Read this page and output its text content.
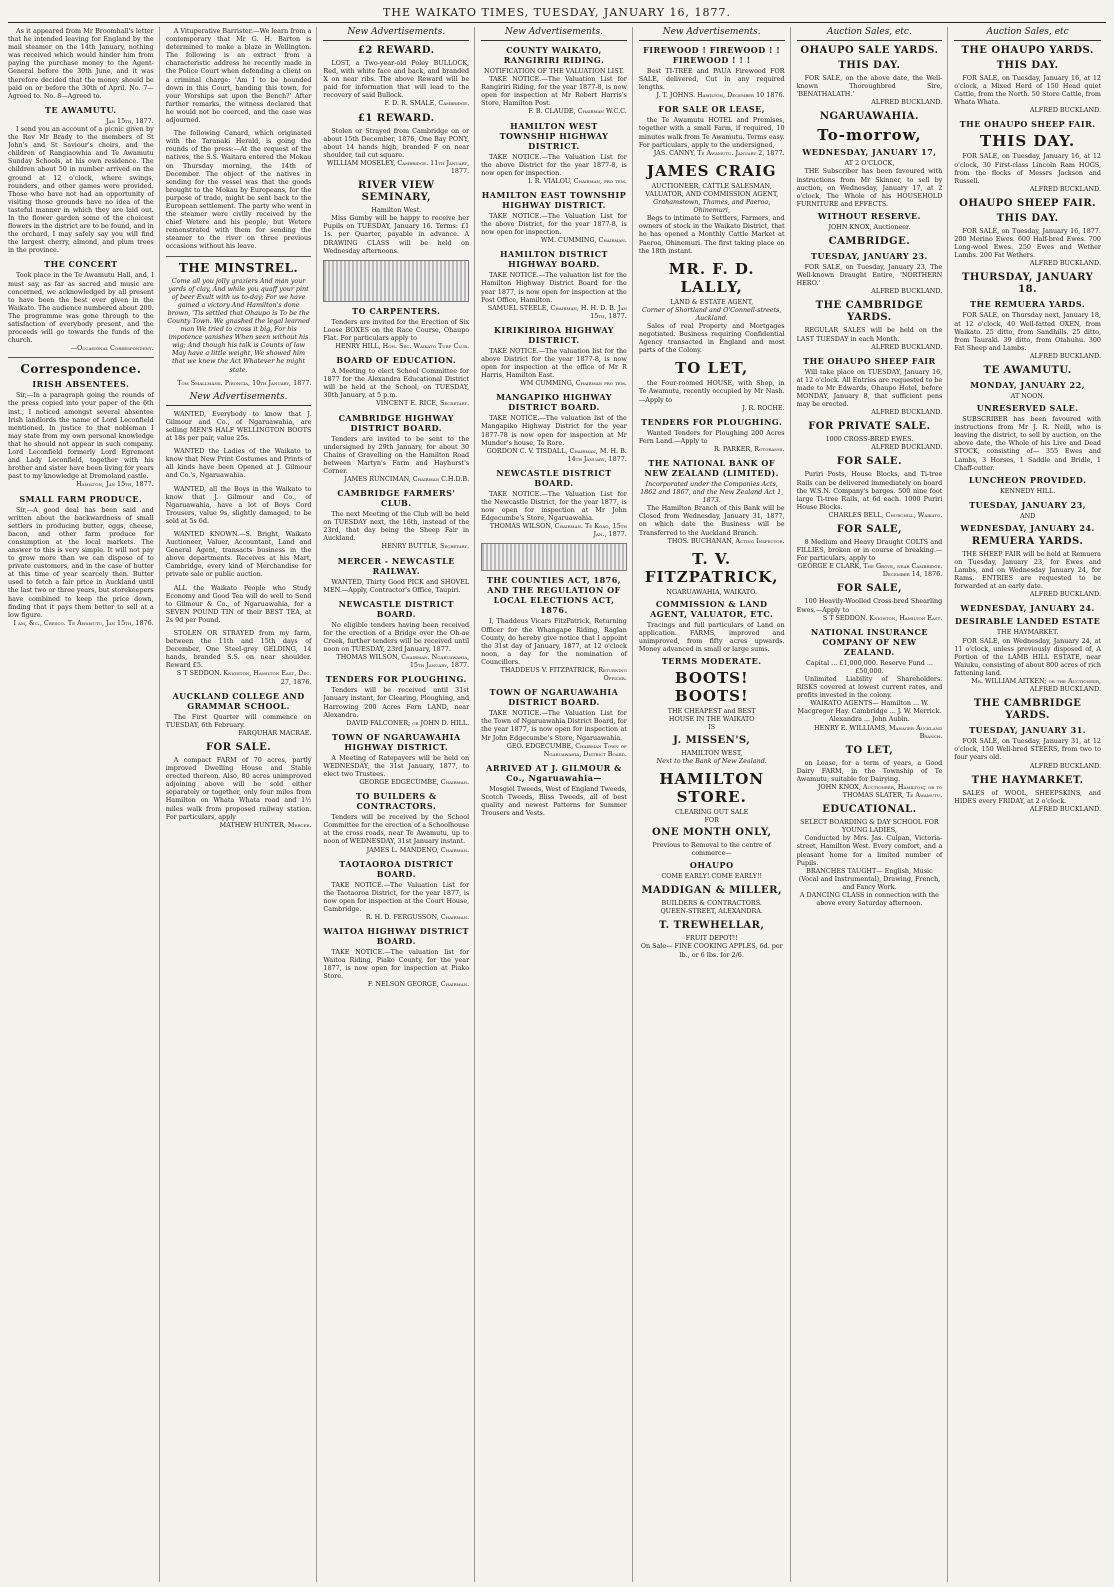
THE WAIKATO TIMES, TUESDAY, JANUARY 16, 1877.
As it appeared from Mr Broomhall's letter that he intended leaving for England by the mail steamer on the 14th January, nothing was received which would hinder him from paying the purchase money to the Agent-General before the 30th June, and it was therefore decided that the money should be paid on or before the 30th of April. No. 7—Agreed to. No. 8—Agreed to.
TE AWAMUTU.
Jan 15th, 1877.
I send you an account of a picnic given by the Rev Mr Brady to the members of St John's and St Saviour's choirs, and the children of Rangiaowhia and Te Awamutu Sunday Schools, at his own residence. The children about 50 in number arrived on the ground at 12 o'clock, where swings, rounders, and other games were provided. Those who have not had an opportunity of visiting those grounds have no idea of the tasteful manner in which they are laid out. In the flower garden some of the choicest flowers in the district are to be found, and in the orchard, I may safely say you will find the largest cherry, almond, and plum trees in the province.
THE CONCERT
Took place in the Te Awamutu Hall, and, I must say, as far as sacred and music are concerned, we acknowledged by all present to have been the best ever given in the Waikato. The audience numbered about 200. The programme was gone through to the satisfaction of everybody present, and the proceeds will go towards the funds of the church.
—Occasional Correspondent.
Correspondence.
IRISH ABSENTEES.
Sir,—In a paragraph going the rounds of the press copied into your paper of the 6th inst., I noticed amongst several absentee Irish landlords the name of Lord Leconfield mentioned. In justice to that nobleman I may state from my own personal knowledge that he should not appear in such company. Lord Leconfield formerly Lord Egremont and Lady Leconfield, together with his brother and sister have been living for years past to my knowledge at Dromoland castle.
Hamilton, Jan 15th, 1877.
SMALL FARM PRODUCE.
Sir,—A good deal has been said and written about the backwardness of small settlers in producing butter, eggs, cheese, bacon, and other farm produce for consumption at the local markets. The answer to this is very simple. It will not pay to grow more than we can dispose of to private customers, and in the case of butter at this time of year scarcely then. Butter used to fetch a fair price in Auckland until the last two or three years, but storekeepers have combined to keep the price down, finding that it pays them better to sell at a low figure.
I am, &c., Cresco. Te Awamutu, Jan 15th, 1876.
A Vituperative Barrister.—We learn from a contemporary that Mr G. H. Barton is determined to make a blaze in Wellington. The following is an extract from a characteristic address he recently made in the Police Court when defending a client on a criminal charge: 'Am I to be hounded down in this Court, handing this town, for your Worships sat upon the Bench?' After further remarks, the witness declared that he would not be coerced, and the case was adjourned.
The following Canard, which originated with the Taranaki Herald, is going the rounds of the press:—At the request of the natives, the S.S. Waitara entered the Mokau on Thursday morning, the 14th of December. The object of the natives in sending for the vessel was that the goods brought to the Mokau by Europeans, for the purpose of trade, might be sent back to the European settlement. The party who went in the steamer were civilly received by the chief Wetere and his people, but Wetere remonstrated with them for sending the steamer to the river on three previous occasions without his leave.
THE MINSTREL.
Come all you jolly graziers And man your yards of clay, And while you quaff your pint of beer Exult with us to-day; For we have gained a victory And Hamilton's done brown, 'Tis settled that Ohaupo is To be the County Town. We gnashed the legal learned man We tried to cross it big, For his impotence vanishes When seen without his wig; And though his talk is Counts of law May have a little weight, We showed him that we knew the Act Whatever he might state.
Tom Smallmans. Pirongia, 10th January, 1877.
New Advertisements.
WANTED, Everybody to know that J. Gilmour and Co., of Ngaruawahia, are selling MEN'S HALF WELLINGTON BOOTS at 18s per pair, value 25s.
WANTED the Ladies of the Waikato to know that New Print Costumes and Prints of all kinds have been Opened at J. Gilmour and Co.'s, Ngaruawahia.
WANTED, all the Boys in the Waikato to know that J. Gilmour and Co., of Ngaruawahia, have a lot of Boys Cord Trousers, value 9s, slightly damaged, to be sold at 5s 6d.
WANTED KNOWN.—S. Bright, Waikato Auctioneer, Valuer, Accountant, Land and General Agent, transacts business in the above departments. Receives at his Mart, Cambridge, every kind of Merchandise for private sale or public auction.
ALL the Waikato People who Study Economy and Good Tea will do well to Send to Gilmour & Co., of Ngaruawahia, for a SEVEN POUND TIN of their BEST TEA, at 2s 9d per Pound.
STOLEN OR STRAYED from my farm, between the 11th and 15th days of December, One Steel-grey GELDING, 14 hands, branded S.S. on near shoulder. Reward £5.
S T SEDDON. Knighton, Hamilton East, Dec. 27, 1876.
AUCKLAND COLLEGE AND GRAMMAR SCHOOL.
The First Quarter will commence on TUESDAY, 6th February.
FARQUHAR MACRAE.
FOR SALE.
A compact FARM of 70 acres, partly improved Dwelling House and Stable erected thereon. Also, 80 acres unimproved adjoining above will be sold either separately or together, only four miles from Hamilton on Whata Whata road and 1½ miles walk from proposed railway station. For particulars, apply
MATHEW HUNTER, Mercer.
New Advertisements.
£2 REWARD.
LOST, a Two-year-old Poley BULLOCK, Red, with white face and back, and branded X on near ribs. The above Reward will be paid for information that will lead to the recovery of said Bullock.
F. D. R. SMALE, Cambridge.
£1 REWARD.
Stolen or Strayed from Cambridge on or about 15th December, 1876, One Bay PONY, about 14 hands high, branded F on near shoulder, tail cut square.
WILLIAM MOSELEY, Cambridge. 11th January, 1877.
RIVER VIEW SEMINARY,
Hamilton West.
Miss Gumby will be happy to receive her Pupils on TUESDAY, January 16. Terms: £1 1s. per Quarter, payable in advance. A DRAWING CLASS will be held on Wednesday afternoons.
TO CARPENTERS.
Tenders are invited for the Erection of Six Loose BOXES on the Race Course, Ohaupo Flat. For particulars apply to
HENRY HILL, Hon. Sec. Waikato Turf Club.
BOARD OF EDUCATION.
A Meeting to elect School Committee for 1877 for the Alexandra Educational District will be held at the School, on TUESDAY, 30th January, at 5 p.m.
VINCENT E. RICE, Secretary.
CAMBRIDGE HIGHWAY DISTRICT BOARD.
Tenders are invited to be sent to the undersigned by 29th January, for about 30 Chains of Gravelling on the Hamilton Road between Martyn's Farm and Hayhurst's Corner.
JAMES RUNCIMAN, Chairman C.H.D.B.
CAMBRIDGE FARMERS' CLUB.
The next Meeting of the Club will be held on TUESDAY next, the 16th, instead of the 23rd, that day being the Sheep Fair in Auckland.
HENRY BUTTLE, Secretary.
MERCER - NEWCASTLE RAILWAY.
WANTED, Thirty Good PICK and SHOVEL MEN.—Apply, Contractor's Office, Taupiri.
NEWCASTLE DISTRICT BOARD.
No eligible tenders having been received for the erection of a Bridge over the Oh-ae Creek, further tenders will be received until noon on TUESDAY, 23rd January, 1877.
THOMAS WILSON, Chairman. Ngaruawahia, 15th January, 1877.
TENDERS FOR PLOUGHING.
Tenders will be received until 31st January instant, for Clearing, Ploughing, and Harrowing 200 Acres Fern LAND, near Alexandra.
DAVID FALCONER; or JOHN D. HILL.
TOWN OF NGARUAWAHIA HIGHWAY DISTRICT.
A Meeting of Ratepayers will be held on WEDNESDAY, the 31st January, 1877, to elect two Trustees.
GEORGE EDGECUMBE, Chairman.
TO BUILDERS & CONTRACTORS.
Tenders will be received by the School Committee for the erection of a Schoolhouse at the cross roads, near Te Awamutu, up to noon of WEDNESDAY, 31st January instant.
JAMES L. MANDENO, Chairman.
TAOTAOROA DISTRICT BOARD.
TAKE NOTICE.—The Valuation List for the Taotaoroa District, for the year 1877, is now open for inspection at the Court House, Cambridge.
R. H. D. FERGUSSON, Chairman.
WAITOA HIGHWAY DISTRICT BOARD.
TAKE NOTICE.—The valuation list for Waitoa Riding, Piako County, for the year 1877, is now open for inspection at Piako Store.
F. NELSON GEORGE, Chairman.
New Advertisements.
COUNTY WAIKATO, RANGIRIRI RIDING.
NOTIFICATION OF THE VALUATION LIST.
TAKE NOTICE.—The Valuation List for Rangiriri Riding, for the year 1877-8, is now open for inspection at Mr Robert Harris's Store, Hamilton Post.
F. B. CLAUDE, Chairman W.C.C.
HAMILTON WEST TOWNSHIP HIGHWAY DISTRICT.
TAKE NOTICE.—The Valuation List for the above District for the year 1877-8, is now open for inspection.
I. R. VIALOU, Chairman, pro tem.
HAMILTON EAST TOWNSHIP HIGHWAY DISTRICT.
TAKE NOTICE.—The Valuation List for the above District, for the year 1877-8, is now open for inspection.
WM. CUMMING, Chairman.
HAMILTON DISTRICT HIGHWAY BOARD.
TAKE NOTICE.—The valuation list for the Hamilton Highway District Board for the year 1877, is now open for inspection at the Post Office, Hamilton.
SAMUEL STEELE, Chairman, H. H. D. B. Jan 15th, 1877.
KIRIKIRIROA HIGHWAY DISTRICT.
TAKE NOTICE.—The valuation list for the above District for the year 1877-8, is now open for inspection at the office of Mr R Harris, Hamilton East.
WM CUMMING, Chairman pro tem.
MANGAPIKO HIGHWAY DISTRICT BOARD.
TAKE NOTICE.—The valuation list of the Mangapiko Highway District for the year 1877-78 is now open for inspection at Mr Munder's house, Te Rore.
GORDON C. V. TISDALL, Chairman, M. H. B. 14th January, 1877.
NEWCASTLE DISTRICT BOARD.
TAKE NOTICE.—The Valuation List for the Newcastle District, for the year 1877, is now open for inspection at Mr John Edgecumbe's Store, Ngaruawahia.
THOMAS WILSON, Chairman. Te Koao, 15th Jan., 1877.
THE COUNTIES ACT, 1876, AND THE REGULATION OF LOCAL ELECTIONS ACT, 1876.
I, Thaddeus Vicars FitzPatrick, Returning Officer for the Whangape Riding, Raglan County, do hereby give notice that I appoint the 31st day of January, 1877, at 12 o'clock noon, a day for the nomination of Councillors.
THADDEUS V. FITZPATRICK, Returning Officer.
TOWN OF NGARUAWAHIA DISTRICT BOARD.
TAKE NOTICE.—The Valuation List for the Town of Ngaruawahia District Board, for the year 1877, is now open for inspection at Mr John Edgecumbe's Store, Ngaruawahia.
GEO. EDGECUMBE, Chairman Town of Ngaruawahia, District Board.
ARRIVED AT J. GILMOUR & Co., Ngaruawahia—
Mosgiel Tweeds, West of England Tweeds, Scotch Tweeds, Bliss Tweeds, all of best quality and newest Patterns for Summer Trousers and Vests.
New Advertisements.
FIREWOOD ! FIREWOOD ! ! FIREWOOD ! ! !
Best TI-TREE and PAUA Firewood FOR SALE, delivered, Cut in any required lengths.
J. T. JOHNS. Hamilton, December 10 1876.
FOR SALE OR LEASE,
the Te Awamutu HOTEL and Premises, together with a small Farm, if required, 10 minutes walk from Te Awamutu. Terms easy. For particulars, apply to the undersigned,
JAS. CANNY, Te Awamutu. January 2, 1877.
JAMES CRAIG
AUCTIONEER, CATTLE SALESMAN, VALUATOR, AND COMMISSION AGENT,
Grahamstown, Thames, and Paeroa, Ohinemuri,
Begs to intimate to Settlers, Farmers, and owners of stock in the Waikato District, that he has opened a Monthly Cattle Market at Paeroa, Ohinemuri. The first taking place on the 18th instant.
MR. F. D. LALLY,
LAND & ESTATE AGENT,
Corner of Shortland and O'Connell-streets, Auckland.
Sales of real Property and Mortgages negotiated. Business requiring Confidential Agency transacted in England and most parts of the Colony.
TO LET,
the Four-roomed HOUSE, with Shop, in Te Awamutu, recently occupied by Mr Nash.—Apply to
J. R. ROCHE.
TENDERS FOR PLOUGHING.
Wanted Tenders for Ploughing 200 Acres Fern Land.—Apply to
R. PARKER, Rotorangi.
THE NATIONAL BANK OF NEW ZEALAND (LIMITED).
Incorporated under the Companies Acts, 1862 and 1867, and the New Zealand Act 1, 1873.
The Hamilton Branch of this Bank will be Closed from Wednesday, January 31, 1877, on which date the Business will be Transferred to the Auckland Branch.
THOS. BUCHANAN, Acting Inspector.
T. V. FITZPATRICK,
NGARUAWAHIA, WAIKATO.
COMMISSION & LAND AGENT, VALUATOR, ETC.
Tracings and full particulars of Land on application. FARMS, improved and unimproved, from fifty acres upwards. Money advanced in small or large sums.
TERMS MODERATE.
BOOTS! BOOTS!
THE CHEAPEST and BEST
HOUSE IN THE WAIKATO
IS
J. MISSEN'S,
HAMILTON WEST,
Next to the Bank of New Zealand.
HAMILTON STORE.
CLEARING OUT SALE
FOR
ONE MONTH ONLY,
Previous to Removal to the centre of commerce—
OHAUPO
COME EARLY! COME EARLY!!
MADDIGAN & MILLER,
BUILDERS & CONTRACTORS.
QUEEN-STREET, ALEXANDRA.
T. TREWHELLAR,
FRUIT DEPOT!!
On Sale— FINE COOKING APPLES, 6d. per lb., or 6 lbs. for 2/6.
Auction Sales, etc.
OHAUPO SALE YARDS.
THIS DAY.
FOR SALE, on the above date, the Well-known Thoroughbred Sire, 'BENATHALATH.'
ALFRED BUCKLAND.
NGARUAWAHIA.
To-morrow,
WEDNESDAY, JANUARY 17,
AT 2 O'CLOCK,
THE Subscriber has been favoured with instructions from Mr Skinner, to sell by auction, on Wednesday, January 17, at 2 o'clock, The Whole of his HOUSEHOLD FURNITURE and EFFECTS.
WITHOUT RESERVE.
JOHN KNOX, Auctioneer.
CAMBRIDGE.
TUESDAY, JANUARY 23.
FOR SALE, on Tuesday, January 23, The Well-known Draught Entire, 'NORTHERN HERO.'
ALFRED BUCKLAND.
THE CAMBRIDGE YARDS.
REGULAR SALES will be held on the LAST TUESDAY in each Month.
ALFRED BUCKLAND.
THE OHAUPO SHEEP FAIR
Will take place on TUESDAY, January 16, at 12 o'clock. All Entries are requested to be made to Mr Edwards, Ohaupo Hotel, before MONDAY, January 8, that sufficient pens may be erected.
ALFRED BUCKLAND.
FOR PRIVATE SALE.
1000 CROSS-BRED EWES.
ALFRED BUCKLAND.
FOR SALE.
Puriri Posts, House Blocks, and Ti-tree Rails can be delivered immediately on board the W.S.N. Company's barges. 500 nine foot large Ti-tree Rails, at 6d each. 1000 Puriri House Blocks.
CHARLES BELL, Churchill, Waikato.
FOR SALE,
8 Medium and Heavy Draught COLTS and FILLIES, broken or in course of breaking.—For particulars, apply to
GEORGE E CLARK, The Grove, near Cambridge. December 14, 1876.
FOR SALE,
100 Heavily-Woolled Cross-bred Shearling Ewes.—Apply to
S T SEDDON. Knighton, Hamilton East.
NATIONAL INSURANCE COMPANY OF NEW ZEALAND.
Capital ... £1,000,000. Reserve Fund ... £50,000.
Unlimited Liability of Shareholders. RISKS covered at lowest current rates, and profits invested in the colony.
WAIKATO AGENTS— Hamilton ... W. Macgregor Hay. Cambridge ... J. W. Merrick. Alexandra ... John Aubin.
HENRY E. WILLIAMS, Manager Auckland Branch.
TO LET,
on Lease, for a term of years, a Good Dairy FARM, in the Township of Te Awamutu, suitable for Dairying.
JOHN KNOX, Auctioneer, Hamilton; or to THOMAS SLATER, Te Awamutu.
EDUCATIONAL.
SELECT BOARDING & DAY SCHOOL FOR YOUNG LADIES,
Conducted by Mrs. Jas. Culpan, Victoria-street, Hamilton West. Every comfort, and a pleasant home for a limited number of Pupils.
BRANCHES TAUGHT— English, Music (Vocal and Instrumental), Drawing, French, and Fancy Work.
A DANCING CLASS in connection with the above every Saturday afternoon.
Auction Sales, etc
THE OHAUPO YARDS.
THIS DAY.
FOR SALE, on Tuesday, January 16, at 12 o'clock, a Mixed Herd of 150 Head quiet Cattle, from the North. 50 Store Cattle, from Whata Whata.
ALFRED BUCKLAND.
THE OHAUPO SHEEP FAIR.
THIS DAY.
FOR SALE, on Tuesday, January 16, at 12 o'clock, 30 First-class Lincoln Ram HOGS, from the flocks of Messrs Jackson and Russell.
ALFRED BUCKLAND.
OHAUPO SHEEP FAIR.
THIS DAY.
FOR SALE, on Tuesday, January 16, 1877. 200 Merino Ewes. 600 Half-bred Ewes. 700 Long-wool Ewes. 250 Ewes and Wether Lambs. 200 Fat Wethers.
ALFRED BUCKLAND.
THURSDAY, JANUARY 18.
THE REMUERA YARDS.
FOR SALE, on Thursday next, January 18, at 12 o'clock, 40 Well-fatted OXEN, from Waikato. 25 ditto, from Sandhills. 25 ditto, from Tauraki. 39 ditto, from Otahuhu. 300 Fat Sheep and Lambs.
ALFRED BUCKLAND.
TE AWAMUTU.
MONDAY, JANUARY 22,
AT NOON.
UNRESERVED SALE.
SUBSCRIBER has been favoured with instructions from Mr J. R. Neill, who is leaving the district, to sell by auction, on the above date, the Whole of his Live and Dead STOCK, consisting of— 355 Ewes and Lambs, 3 Horses, 1 Saddle and Bridle, 1 Chaff-cutter.
LUNCHEON PROVIDED.
KENNEDY HILL.
TUESDAY, JANUARY 23,
AND
WEDNESDAY, JANUARY 24.
REMUERA YARDS.
THE SHEEP FAIR will be held at Remuera on Tuesday, January 23, for Ewes and Lambs, and on Wednesday January 24, for Rams. ENTRIES are requested to be forwarded at an early date.
ALFRED BUCKLAND.
WEDNESDAY, JANUARY 24.
DESIRABLE LANDED ESTATE
THE HAYMARKET.
FOR SALE, on Wednesday, January 24, at 11 o'clock, unless previously disposed of, A Portion of the LAMB HILL ESTATE, near Waiuku, consisting of about 800 acres of rich fattening land.
Mr. WILLIAM AITKEN; or the Auctioneer, ALFRED BUCKLAND.
THE CAMBRIDGE YARDS.
TUESDAY, JANUARY 31.
FOR SALE, on Tuesday, January 31, at 12 o'clock, 150 Well-bred STEERS, from two to four years old.
ALFRED BUCKLAND.
THE HAYMARKET.
SALES of WOOL, SHEEPSKINS, and HIDES every FRIDAY, at 2 o'clock.
ALFRED BUCKLAND.
